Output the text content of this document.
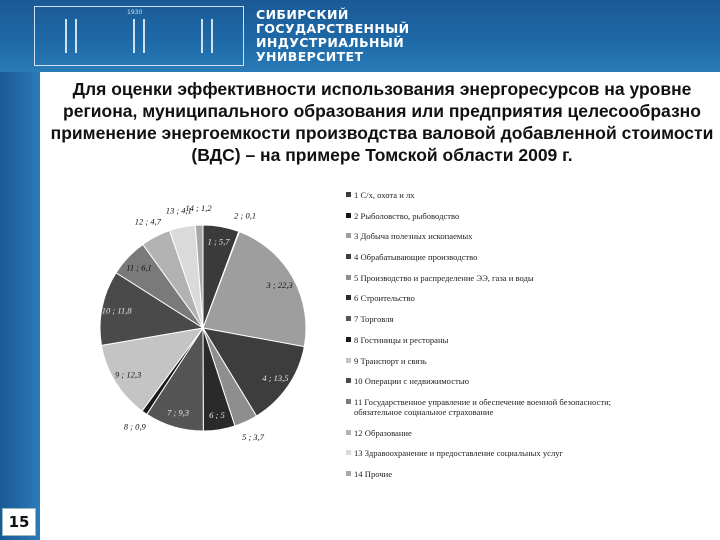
1930	СИБИРСКИЙ
ГОСУДАРСТВЕННЫЙ
ИНДУСТРИАЛЬНЫЙ
УНИВЕРСИТЕТ
15
Для оценки эффективности использования энергоресурсов на уровне региона, муниципального образования или предприятия целесообразно применение энергоемкости производства валовой добавленной стоимости (ВДС) – на примере Томской области 2009 г.
1 ; 5,7
2 ; 0,1
3 ; 22,3
4 ; 13,5
5 ; 3,7
6 ; 5
7 ; 9,3
8 ; 0,9
9 ; 12,3
10 ; 11,8
11 ; 6,1
12 ; 4,7
13 ; 4,1
14 ; 1,2
1 С/х, охота и лх
2 Рыболовство, рыбоводство
3 Добыча полезных ископаемых
4 Обрабатывающие производство
5 Производство и распределение ЭЭ, газа и воды
6 Строительство
7 Торговля
8 Гостиницы и рестораны
9 Транспорт и связь
10 Операции с недвижимостью
11 Государственное управление и обеспечение военной безопасности; обязательное социальное страхование
12 Образование
13 Здравоохранение и предоставление социальных услуг
14 Прочие
